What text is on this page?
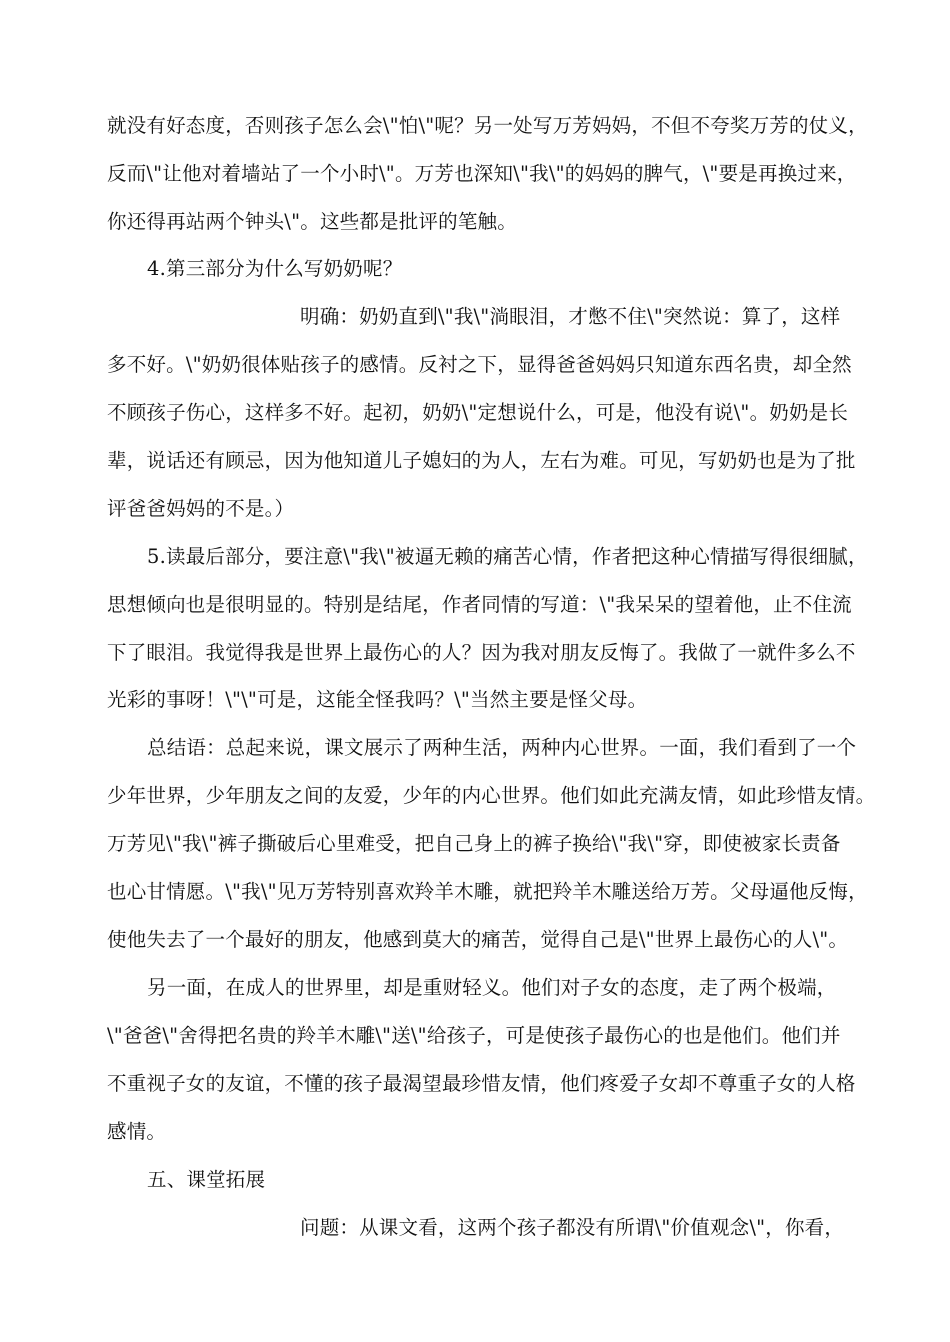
就没有好态度，否则孩子怎么会\"怕\"呢？另一处写万芳妈妈，不但不夸奖万芳的仗义，
反而\"让他对着墙站了一个小时\"。万芳也深知\"我\"的妈妈的脾气，\"要是再换过来，
你还得再站两个钟头\"。这些都是批评的笔触。
4.第三部分为什么写奶奶呢？
明确：奶奶直到\"我\"淌眼泪，才憋不住\"突然说：算了，这样
多不好。\"奶奶很体贴孩子的感情。反衬之下，显得爸爸妈妈只知道东西名贵，却全然
不顾孩子伤心，这样多不好。起初，奶奶\"定想说什么，可是，他没有说\"。奶奶是长
辈，说话还有顾忌，因为他知道儿子媳妇的为人，左右为难。可见，写奶奶也是为了批
评爸爸妈妈的不是。）
5.读最后部分，要注意\"我\"被逼无赖的痛苦心情，作者把这种心情描写得很细腻，
思想倾向也是很明显的。特别是结尾，作者同情的写道：\"我呆呆的望着他，止不住流
下了眼泪。我觉得我是世界上最伤心的人？因为我对朋友反悔了。我做了一就件多么不
光彩的事呀！\"\"可是，这能全怪我吗？\"当然主要是怪父母。
总结语：总起来说，课文展示了两种生活，两种内心世界。一面，我们看到了一个
少年世界，少年朋友之间的友爱，少年的内心世界。他们如此充满友情，如此珍惜友情。
万芳见\"我\"裤子撕破后心里难受，把自己身上的裤子换给\"我\"穿，即使被家长责备
也心甘情愿。\"我\"见万芳特别喜欢羚羊木雕，就把羚羊木雕送给万芳。父母逼他反悔，
使他失去了一个最好的朋友，他感到莫大的痛苦，觉得自己是\"世界上最伤心的人\"。
另一面，在成人的世界里，却是重财轻义。他们对子女的态度，走了两个极端，
\"爸爸\"舍得把名贵的羚羊木雕\"送\"给孩子，可是使孩子最伤心的也是他们。他们并
不重视子女的友谊，不懂的孩子最渴望最珍惜友情，他们疼爱子女却不尊重子女的人格
感情。
五、课堂拓展
问题：从课文看，这两个孩子都没有所谓\"价值观念\"，你看，
